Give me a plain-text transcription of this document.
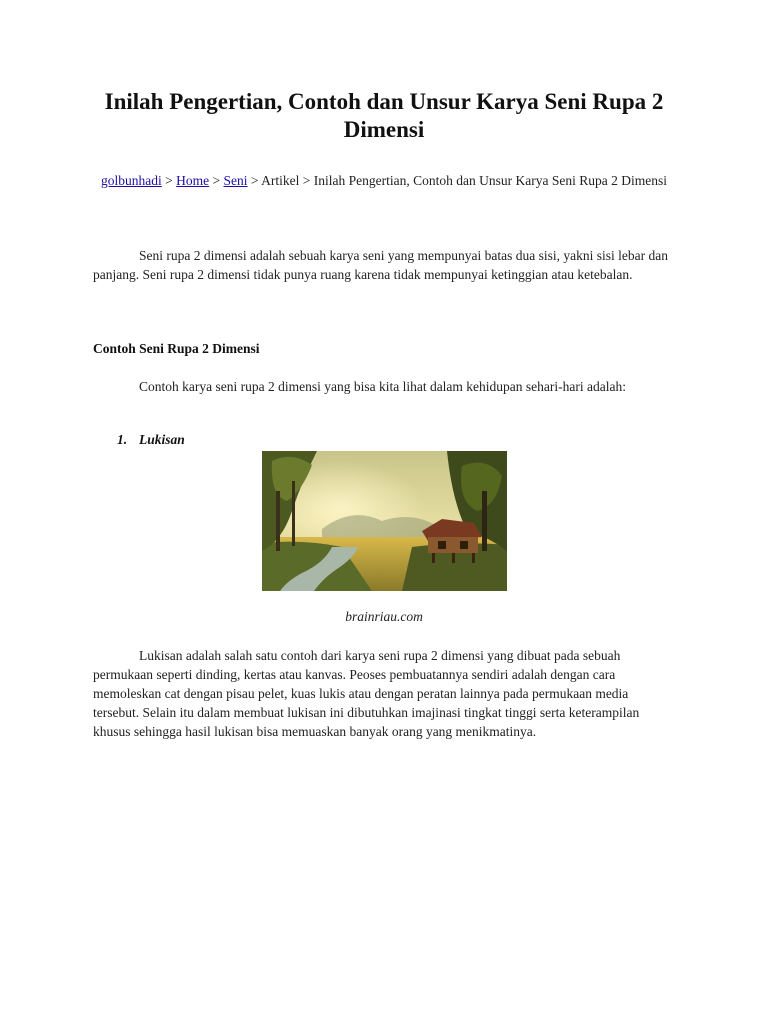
Inilah Pengertian, Contoh dan Unsur Karya Seni Rupa 2 Dimensi
golbunhadi > Home > Seni > Artikel > Inilah Pengertian, Contoh dan Unsur Karya Seni Rupa 2 Dimensi

Seni rupa 2 dimensi adalah sebuah karya seni yang mempunyai batas dua sisi, yakni sisi lebar dan panjang. Seni rupa 2 dimensi tidak punya ruang karena tidak mempunyai ketinggian atau ketebalan.

Contoh Seni Rupa 2 Dimensi

Contoh karya seni rupa 2 dimensi yang bisa kita lihat dalam kehidupan sehari-hari adalah:

1. Lukisan
brainriau.com

Lukisan adalah salah satu contoh dari karya seni rupa 2 dimensi yang dibuat pada sebuah permukaan seperti dinding, kertas atau kanvas. Peoses pembuatannya sendiri adalah dengan cara memoleskan cat dengan pisau pelet, kuas lukis atau dengan peratan lainnya pada permukaan media tersebut. Selain itu dalam membuat lukisan ini dibutuhkan imajinasi tingkat tinggi serta keterampilan khusus sehingga hasil lukisan bisa memuaskan banyak orang yang menikmatinya.
